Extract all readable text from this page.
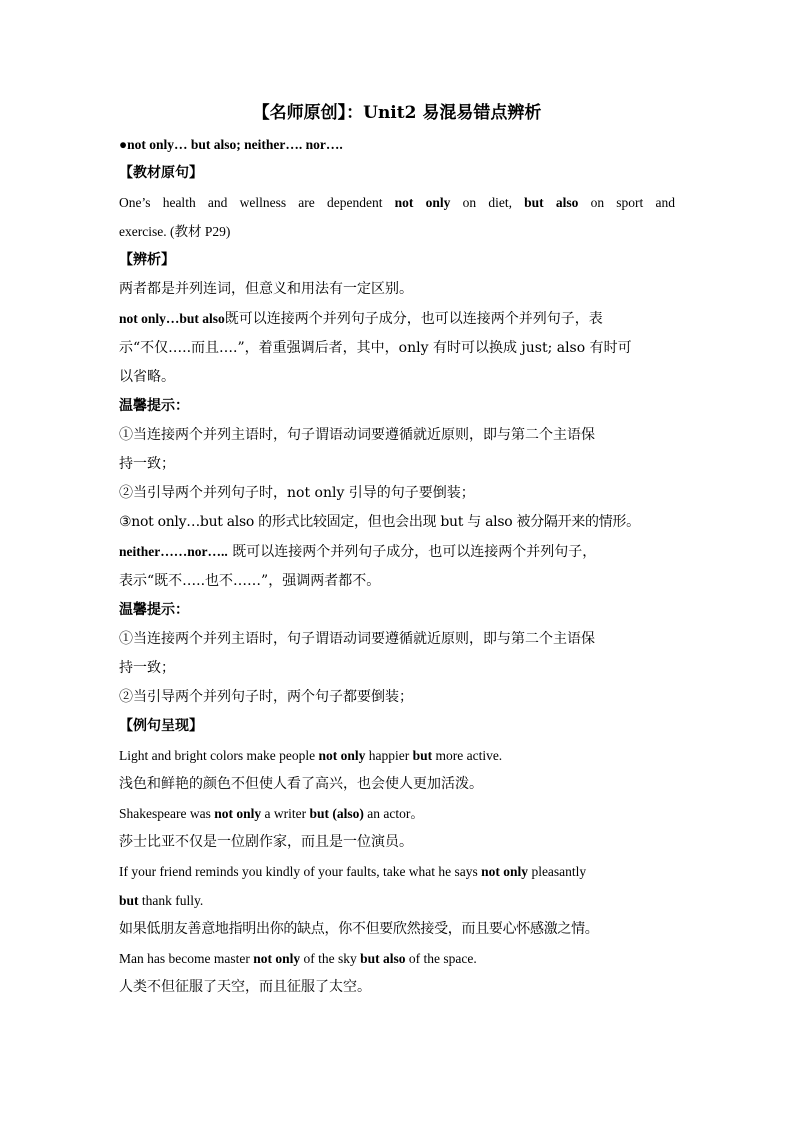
【名师原创】：Unit2 易混易错点辨析

●not only… but also; neither…. nor….

【教材原句】

One’s health and wellness are dependent not only on diet, but also on sport and

exercise. (教材 P29)

【辨析】

两者都是并列连词，但意义和用法有一定区别。

not only…but also既可以连接两个并列句子成分，也可以连接两个并列句子，表

示“不仅…..而且….”，着重强调后者，其中，only 有时可以换成 just; also 有时可

以省略。

温馨提示：

①当连接两个并列主语时，句子谓语动词要遵循就近原则，即与第二个主语保

持一致；

②当引导两个并列句子时，not only 引导的句子要倒装；

③not only…but also 的形式比较固定，但也会出现 but 与 also 被分隔开来的情形。

neither……nor….. 既可以连接两个并列句子成分，也可以连接两个并列句子，

表示“既不…..也不……”，强调两者都不。

温馨提示：

①当连接两个并列主语时，句子谓语动词要遵循就近原则，即与第二个主语保

持一致；

②当引导两个并列句子时，两个句子都要倒装；

【例句呈现】

Light and bright colors make people not only happier but more active.

浅色和鲜艳的颜色不但使人看了高兴，也会使人更加活泼。

Shakespeare was not only a writer but (also) an actor。

莎士比亚不仅是一位剧作家，而且是一位演员。

If your friend reminds you kindly of your faults, take what he says not only pleasantly

but thank fully.

如果低朋友善意地指明出你的缺点，你不但要欣然接受，而且要心怀感激之情。

Man has become master not only of the sky but also of the space.

人类不但征服了天空，而且征服了太空。
